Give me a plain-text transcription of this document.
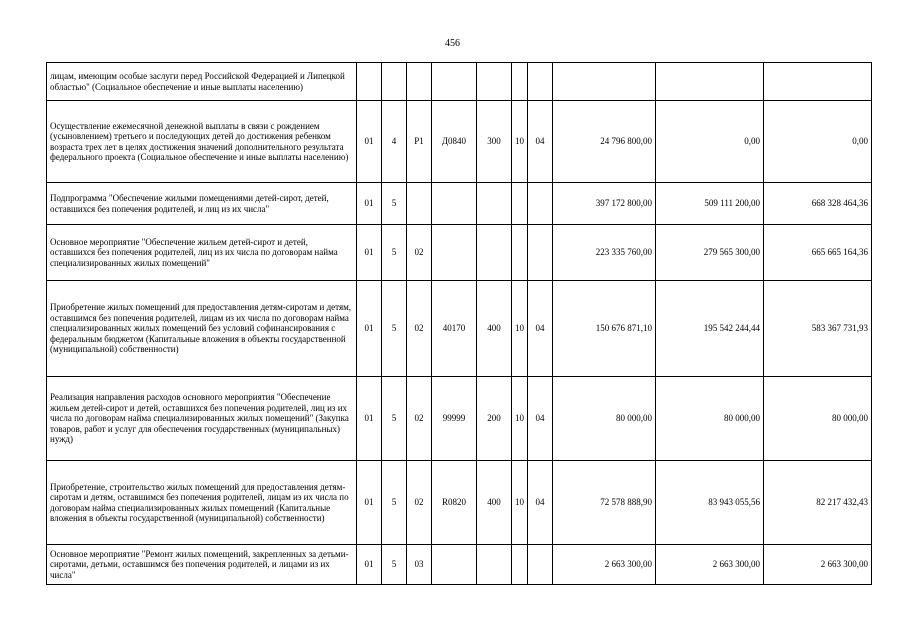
456
лицам, имеющим особые заслуги перед Российской Федерацией и Липецкой областью" (Социальное обеспечение и иные выплаты населению)										
Осуществление ежемесячной денежной выплаты в связи с рождением (усыновлением) третьего и последующих детей до достижения ребенком возраста трех лет в целях достижения значений дополнительного результата федерального проекта (Социальное обеспечение и иные выплаты населению)	01	4	P1	Д0840	300	10	04	24 796 800,00	0,00	0,00
Подпрограмма "Обеспечение жилыми помещениями детей-сирот, детей, оставшихся без попечения родителей, и лиц из их числа"	01	5						397 172 800,00	509 111 200,00	668 328 464,36
Основное мероприятие "Обеспечение жильем детей-сирот и детей, оставшихся без попечения родителей, лиц из их числа по договорам найма специализированных жилых помещений"	01	5	02					223 335 760,00	279 565 300,00	665 665 164,36
Приобретение жилых помещений для предоставления детям-сиротам и детям, оставшимся без попечения родителей, лицам из их числа по договорам найма специализированных жилых помещений без условий софинансирования с федеральным бюджетом (Капитальные вложения в объекты государственной (муниципальной) собственности)	01	5	02	40170	400	10	04	150 676 871,10	195 542 244,44	583 367 731,93
Реализация направления расходов основного мероприятия "Обеспечение жильем детей-сирот и детей, оставшихся без попечения родителей, лиц из их числа по договорам найма специализированных жилых помещений" (Закупка товаров, работ и услуг для обеспечения государственных (муниципальных) нужд)	01	5	02	99999	200	10	04	80 000,00	80 000,00	80 000,00
Приобретение, строительство жилых помещений для предоставления детям-сиротам и детям, оставшимся без попечения родителей, лицам из их числа по договорам найма специализированных жилых помещений (Капитальные вложения в объекты государственной (муниципальной) собственности)	01	5	02	R0820	400	10	04	72 578 888,90	83 943 055,56	82 217 432,43
Основное мероприятие "Ремонт жилых помещений, закрепленных за детьми-сиротами, детьми, оставшимся без попечения родителей, и лицами из их числа"	01	5	03					2 663 300,00	2 663 300,00	2 663 300,00
